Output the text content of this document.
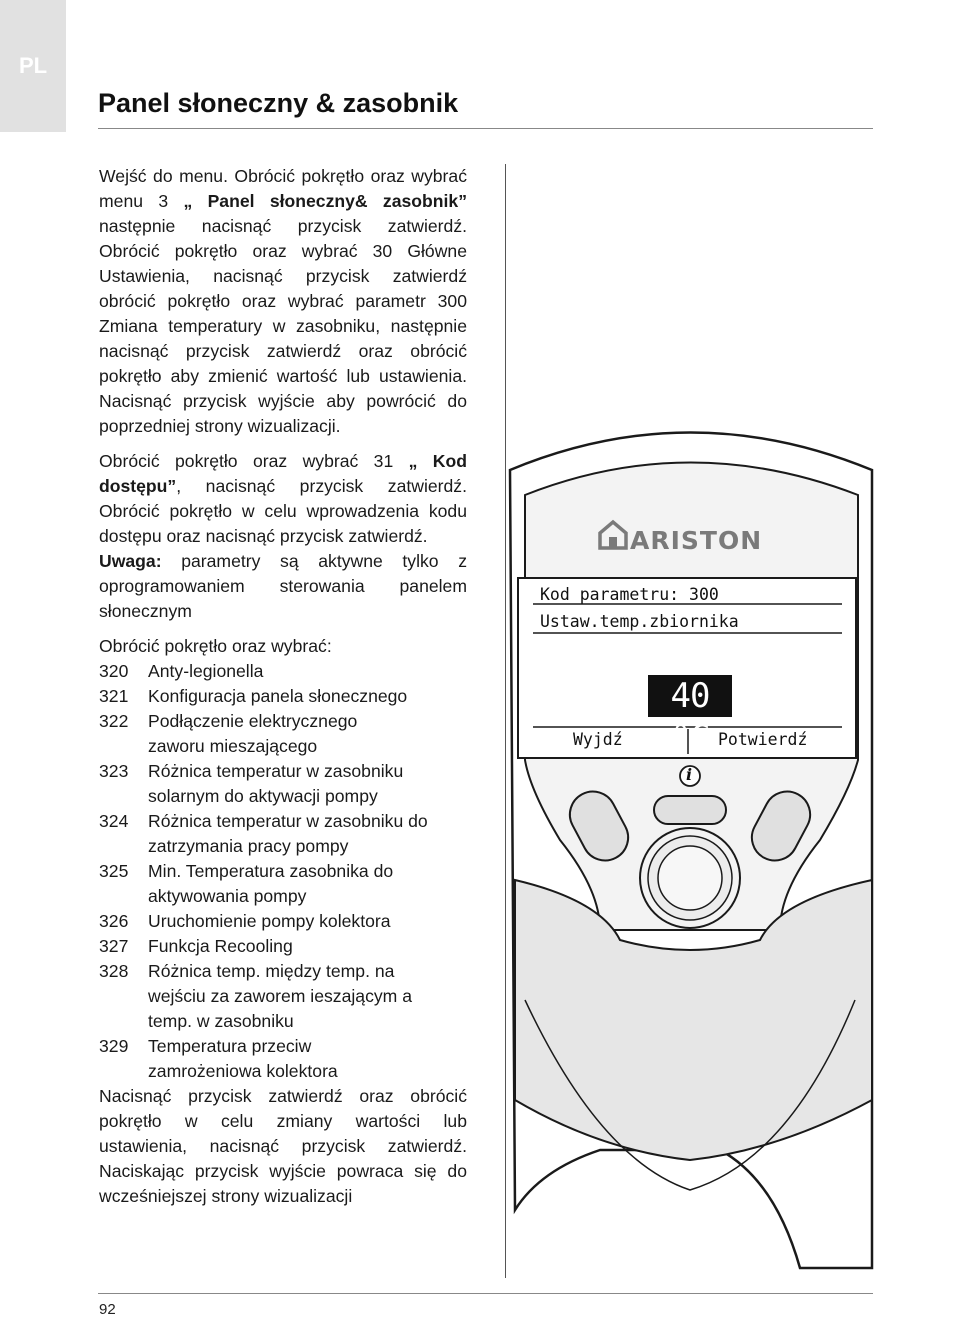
PL
Panel słoneczny & zasobnik

Wejść do menu. Obrócić pokrętło oraz wybrać menu 3 „ Panel słoneczny& zasobnik” następnie nacisnąć przycisk zatwierdź. Obrócić pokrętło oraz wybrać 30 Główne Ustawienia, nacisnąć przycisk zatwierdź obrócić pokrętło oraz wybrać parametr 300 Zmiana temperatury w zasobniku, następnie nacisnąć przycisk zatwierdź oraz obrócić pokrętło aby zmienić wartość lub ustawienia. Nacisnąć przycisk wyjście aby powrócić do poprzedniej strony wizualizacji.

Obrócić pokrętło oraz wybrać 31 „ Kod dostępu”, nacisnąć przycisk zatwierdź. Obrócić pokrętło w celu wprowadzenia kodu dostępu oraz nacisnąć przycisk zatwierdź.

Uwaga: parametry są aktywne tylko z oprogramowaniem sterowania panelem słonecznym

Obrócić pokrętło oraz wybrać:

320	Anty-legionella
321	Konfiguracja panela słonecznego
322	Podłączenie elektrycznego zaworu mieszającego
323	Różnica temperatur w zasobniku solarnym do aktywacji pompy
324	Różnica temperatur w zasobniku do zatrzymania pracy pompy
325	Min. Temperatura zasobnika do aktywowania pompy
326	Uruchomienie pompy kolektora
327	Funkcja Recooling
328	Różnica temp. między temp. na wejściu za zaworem ieszającym a temp. w zasobniku
329	Temperatura przeciw zamrożeniowa kolektora

Nacisnąć przycisk zatwierdź oraz obrócić pokrętło w celu zmiany wartości lub ustawienia, nacisnąć przycisk zatwierdź. Naciskając przycisk wyjście powraca się do wcześniejszej strony wizualizacji

ARISTON
Kod parametru: 300
Ustaw.temp.zbiornika
40 °C
Wyjdź	Potwierdź
i
92
